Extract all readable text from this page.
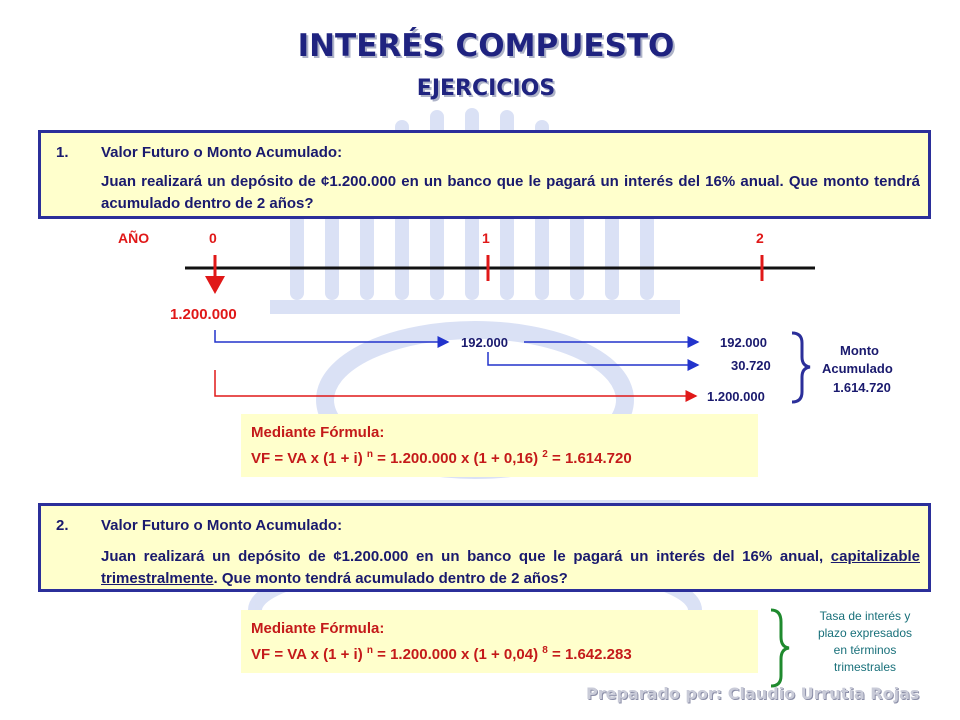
INTERÉS COMPUESTO
EJERCICIOS
1. Valor Futuro o Monto Acumulado:
Juan realizará un depósito de ¢1.200.000 en un banco que le pagará un interés del 16% anual. Que monto tendrá acumulado dentro de 2 años?
AÑO	0	1	2
1.200.000
192.000	192.000
30.720
1.200.000
Monto
Acumulado
1.614.720
Mediante Fórmula:
VF = VA x (1 + i) $^n$ = 1.200.000 x (1 + 0,16) $^2$ = 1.614.720
2. Valor Futuro o Monto Acumulado:
Juan realizará un depósito de ¢1.200.000 en un banco que le pagará un interés del 16% anual, capitalizable trimestralmente. Que monto tendrá acumulado dentro de 2 años?
Mediante Fórmula:
VF = VA x (1 + i) $^n$ = 1.200.000 x (1 + 0,04) $^8$ = 1.642.283
Tasa de interés y
plazo expresados
en términos
trimestrales
Preparado por: Claudio Urrutia Rojas
